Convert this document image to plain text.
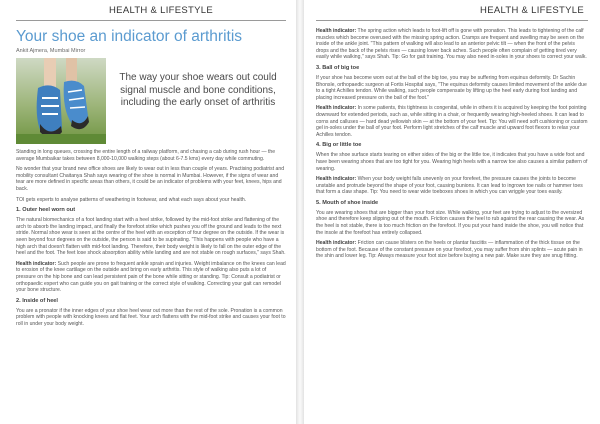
HEALTH & LIFESTYLE
Your shoe an indicator of arthritis
Ankit Ajmera, Mumbai Mirror
The way your shoe wears out could signal muscle and bone conditions, including the early onset of arthritis

Standing in long queues, crossing the entire length of a railway platform, and chasing a cab during rush hour — the average Mumbaikar takes between 8,000-10,000 walking steps (about 6-7.5 kms) every day while commuting.

No wonder that your brand new office shoes are likely to wear out in less than couple of years. Practising podiatrist and mobility consultant Chaitanya Shah says wearing of the shoe is normal in Mumbai. However, if the signs of wear and tear are more defined in specific areas than others, it could be an indicator of problems with your feet, knees, hips and back.

TOI gets experts to analyse patterns of weathering in footwear, and what each says about your health.

1. Outer heel worn out

The natural biomechanics of a foot landing start with a heel strike, followed by the mid-foot strike and flattening of the arch to absorb the landing impact, and finally the forefoot strike which pushes you off the ground and leads to the next stride. Normal shoe wear is seen at the centre of the heel with an exception of four degree on the outside. If the wear is seen beyond four degrees on the outside, the person is said to be supinating. "This happens with people who have a high arch that doesn't flatten with mid-foot landing. Therefore, their body weight is likely to fall on the outer edge of the heel and the foot. The feet lose shock absorption ability while landing and are not stable on rough surfaces," says Shah.

Health indicator: Such people are prone to frequent ankle sprain and injuries. Weight imbalance on the knees can lead to erosion of the knee cartilage on the outside and bring on early arthritis. This style of walking also puts a lot of pressure on the hip bone and can lead persistent pain of the bone while sitting or standing. Tip: Consult a podiatrist or orthopaedic expert who can guide you on gait training or the correct style of walking. Correcting your gait can remodel your bone structure.

2. Inside of heel

You are a pronator if the inner edges of your shoe heel wear out more than the rest of the sole. Pronation is a common problem with people with knocking knees and flat feet. Your arch flattens with the mid-foot strike and causes your foot to roll in under your body weight.

HEALTH & LIFESTYLE

Health indicator: The spring action which leads to foot-lift off is gone with pronation. This leads to tightening of the calf muscles which become overused with the missing spring action. Cramps are frequent and swelling may be seen on the inside of the ankle joint. "This pattern of walking will also lead to an anterior pelvic tilt — when the front of the pelvis drops and the back of the pelvis rises — causing lower back aches. Such people often complain of getting tired very easily while walking," says Shah. Tip: Go for gait training. You may also need in-soles in your shoes to correct your walk.

3. Ball of big toe

If your shoe has become worn out at the ball of the big toe, you may be suffering from equinus deformity. Dr Sachin Bhonsle, orthopaedic surgeon at Fortis Hospital says, "The equinus deformity causes limited movement of the ankle due to a tight Achilles tendon. While walking, such people compensate by lifting up the heel early during foot landing and placing increased pressure on the ball of the foot."

Health indicator: In some patients, this tightness is congenital, while in others it is acquired by keeping the foot pointing downward for extended periods, such as, while sitting in a chair, or frequently wearing high-heeled shoes. It can lead to corns and calluses — hard dead yellowish skin — at the bottom of your feet. Tip: You will need soft cushioning or custom gel in-soles under the ball of your foot. Perform light stretches of the calf muscle and upward foot flexors to relax your Achilles tendon.

4. Big or little toe

When the shoe surface starts tearing on either sides of the big or the little toe, it indicates that you have a wide foot and have been wearing shoes that are too tight for you. Wearing high heels with a narrow toe also causes a similar pattern of wearing.

Health indicator: When your body weight falls unevenly on your forefeet, the pressure causes the joints to become unstable and protrude beyond the shape of your foot, causing bunions. It can lead to ingrown toe nails or hammer toes that form a claw shape. Tip: You need to wear wide toeboxes shoes in which you can wriggle your toes easily.

5. Mouth of shoe inside

You are wearing shoes that are bigger than your foot size. While walking, your feet are trying to adjust to the oversized shoe and therefore keep slipping out of the mouth. Friction causes the heel to rub against the rear causing the wear. As the heel is not stable, there is too much friction on the forefoot. If you put your hand inside the shoe, you will notice that the insole at the forefoot has entirely collapsed.

Health indicator: Friction can cause blisters on the heels or plantar fasciitis — inflammation of the thick tissue on the bottom of the foot. Because of the constant pressure on your forefoot, you may suffer from shin splints — acute pain in the shin and lower leg. Tip: Always measure your foot size before buying a new pair. Make sure they are snug fitting.
